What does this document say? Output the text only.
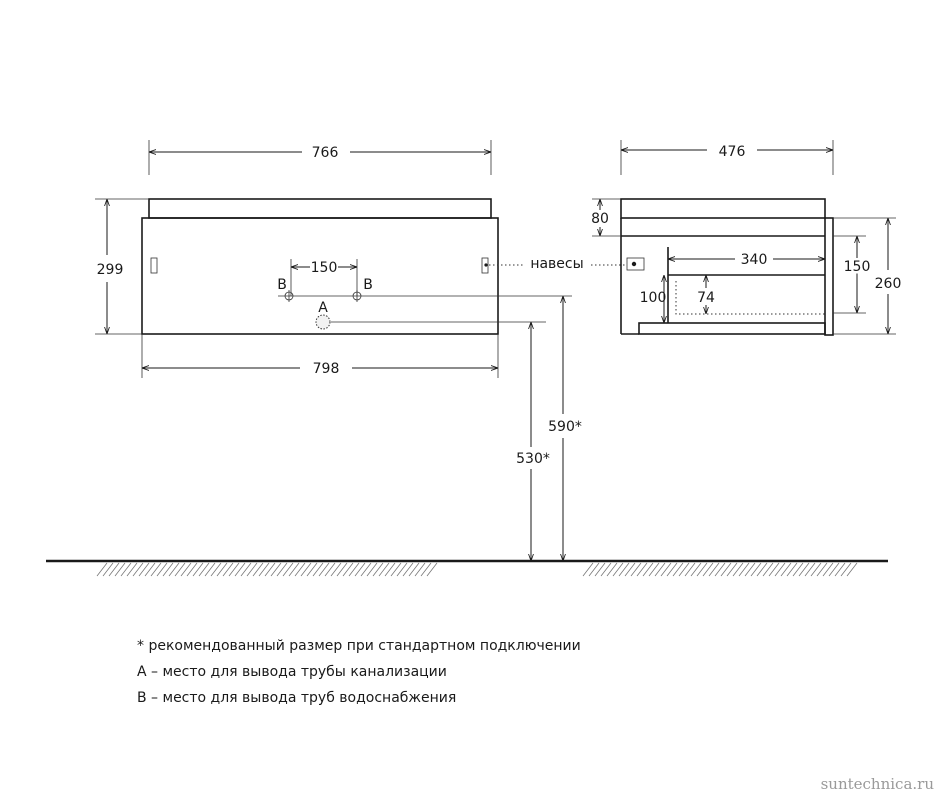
766
299
798
150
B	B
A
навесы
590*
530*
476
80
340	150
260
100 74
* рекомендованный размер при стандартном подключении
A – место для вывода трубы канализации
B – место для вывода труб водоснабжения
suntechnica.ru
